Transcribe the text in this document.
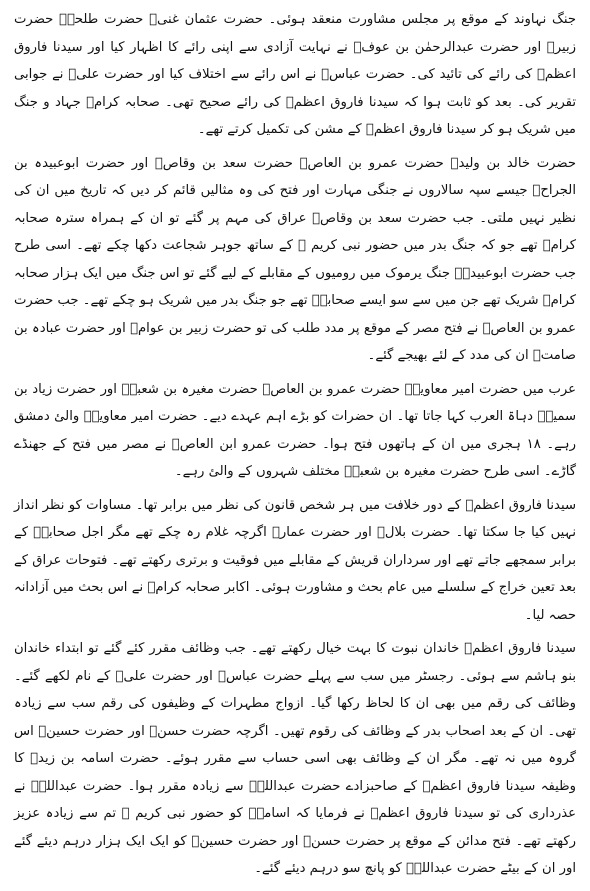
جنگ نہاوند کے موقع پر مجلس مشاورت منعقد ہوئی۔ حضرت عثمان غنیؓ حضرت طلحہؓ حضرت زبیرؓ اور حضرت عبدالرحمٰن بن عوفؓ نے نہایت آزادی سے اپنی رائے کا اظہار کیا اور سیدنا فاروق اعظمؓ کی رائے کی تائید کی۔ حضرت عباسؓ نے اس رائے سے اختلاف کیا اور حضرت علیؓ نے جوابی تقریر کی۔ بعد کو ثابت ہوا کہ سیدنا فاروق اعظمؓ کی رائے صحیح تھی۔ صحابہ کرامؓ جہاد و جنگ میں شریک ہو کر سیدنا فاروق اعظمؓ کے مشن کی تکمیل کرتے تھے۔

حضرت خالد بن ولیدؓ حضرت عمرو بن العاصؓ حضرت سعد بن وقاصؓ اور حضرت ابوعبیدہ بن الجراحؓ جیسے سپہ سالاروں نے جنگی مہارت اور فتح کی وہ مثالیں قائم کر دیں کہ تاریخ میں ان کی نظیر نہیں ملتی۔ جب حضرت سعد بن وقاصؓ عراق کی مہم پر گئے تو ان کے ہمراہ سترہ صحابہ کرامؓ تھے جو کہ جنگ بدر میں حضور نبی کریم ﷺ کے ساتھ جوہر شجاعت دکھا چکے تھے۔ اسی طرح جب حضرت ابوعبیدہؓ جنگ یرموک میں رومیوں کے مقابلے کے لیے گئے تو اس جنگ میں ایک ہزار صحابہ کرامؓ شریک تھے جن میں سے سو ایسے صحابہؓ تھے جو جنگ بدر میں شریک ہو چکے تھے۔ جب حضرت عمرو بن العاصؓ نے فتح مصر کے موقع پر مدد طلب کی تو حضرت زبیر بن عوامؓ اور حضرت عبادہ بن صامتؓ ان کی مدد کے لئے بھیجے گئے۔

عرب میں حضرت امیر معاویہؓ حضرت عمرو بن العاصؓ حضرت مغیرہ بن شعبہؓ اور حضرت زیاد بن سمیہؓ دہاۃ العرب کہا جاتا تھا۔ ان حضرات کو بڑے اہم عہدے دیے۔ حضرت امیر معاویہؓ والئ دمشق رہے۔ ۱۸ ہجری میں ان کے ہاتھوں فتح ہوا۔ حضرت عمرو ابن العاصؓ نے مصر میں فتح کے جھنڈے گاڑے۔ اسی طرح حضرت مغیرہ بن شعبہؓ مختلف شہروں کے والئ رہے۔

سیدنا فاروق اعظمؓ کے دور خلافت میں ہر شخص قانون کی نظر میں برابر تھا۔ مساوات کو نظر انداز نہیں کیا جا سکتا تھا۔ حضرت بلالؓ اور حضرت عمارؓ اگرچہ غلام رہ چکے تھے مگر اجل صحابہؓ کے برابر سمجھے جاتے تھے اور سرداران قریش کے مقابلے میں فوقیت و برتری رکھتے تھے۔ فتوحات عراق کے بعد تعین خراج کے سلسلے میں عام بحث و مشاورت ہوئی۔ اکابر صحابہ کرامؓ نے اس بحث میں آزادانہ حصہ لیا۔

سیدنا فاروق اعظمؓ خاندان نبوت کا بہت خیال رکھتے تھے۔ جب وظائف مقرر کئے گئے تو ابتداء خاندان بنو ہاشم سے ہوئی۔ رجسٹر میں سب سے پہلے حضرت عباسؓ اور حضرت علیؓ کے نام لکھے گئے۔ وظائف کی رقم میں بھی ان کا لحاظ رکھا گیا۔ ازواج مطہرات کے وظیفوں کی رقم سب سے زیادہ تھی۔ ان کے بعد اصحاب بدر کے وظائف کی رقوم تھیں۔ اگرچہ حضرت حسنؓ اور حضرت حسینؓ اس گروہ میں نہ تھے۔ مگر ان کے وظائف بھی اسی حساب سے مقرر ہوئے۔ حضرت اسامہ بن زیدؓ کا وظیفہ سیدنا فاروق اعظمؓ کے صاحبزادے حضرت عبداللہؓ سے زیادہ مقرر ہوا۔ حضرت عبداللہؓ نے عذرداری کی تو سیدنا فاروق اعظمؓ نے فرمایا کہ اسامہؓ کو حضور نبی کریم ﷺ تم سے زیادہ عزیز رکھتے تھے۔ فتح مدائن کے موقع پر حضرت حسنؓ اور حضرت حسینؓ کو ایک ایک ہزار درہم دیئے گئے اور ان کے بیٹے حضرت عبداللہؓ کو پانچ سو درہم دیئے گئے۔
